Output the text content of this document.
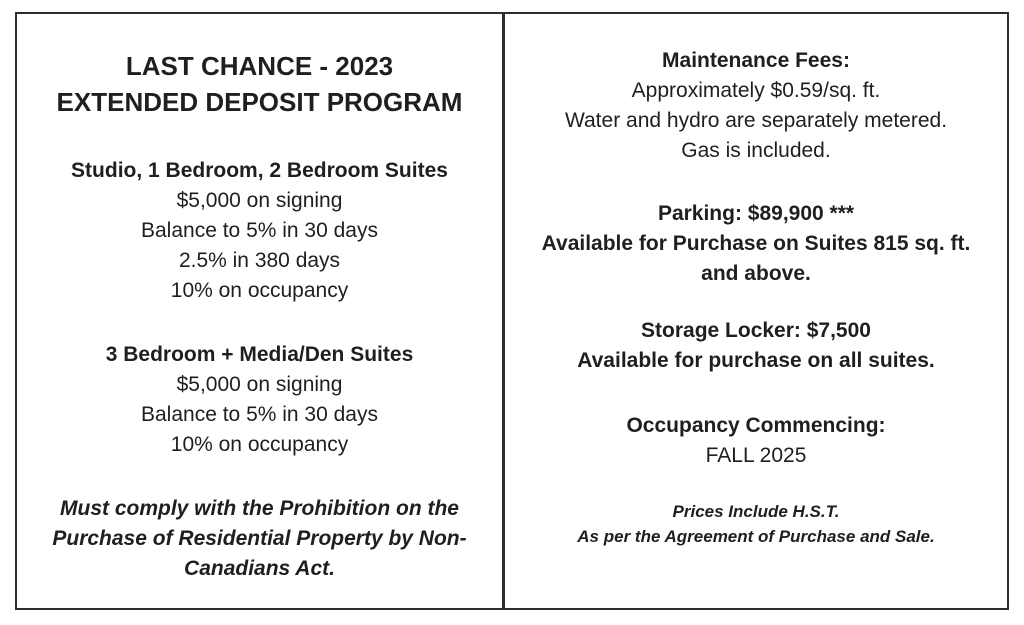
LAST CHANCE - 2023
EXTENDED DEPOSIT PROGRAM
Studio, 1 Bedroom, 2 Bedroom Suites
$5,000 on signing
Balance to 5% in 30 days
2.5% in 380 days
10% on occupancy
3 Bedroom + Media/Den Suites
$5,000 on signing
Balance to 5% in 30 days
10% on occupancy
Must comply with the Prohibition on the
Purchase of Residential Property by Non-
Canadians Act.
Maintenance Fees:
Approximately $0.59/sq. ft.
Water and hydro are separately metered.
Gas is included.
Parking: $89,900 ***
Available for Purchase on Suites 815 sq. ft.
and above.
Storage Locker: $7,500
Available for purchase on all suites.
Occupancy Commencing:
FALL 2025
Prices Include H.S.T.
As per the Agreement of Purchase and Sale.
